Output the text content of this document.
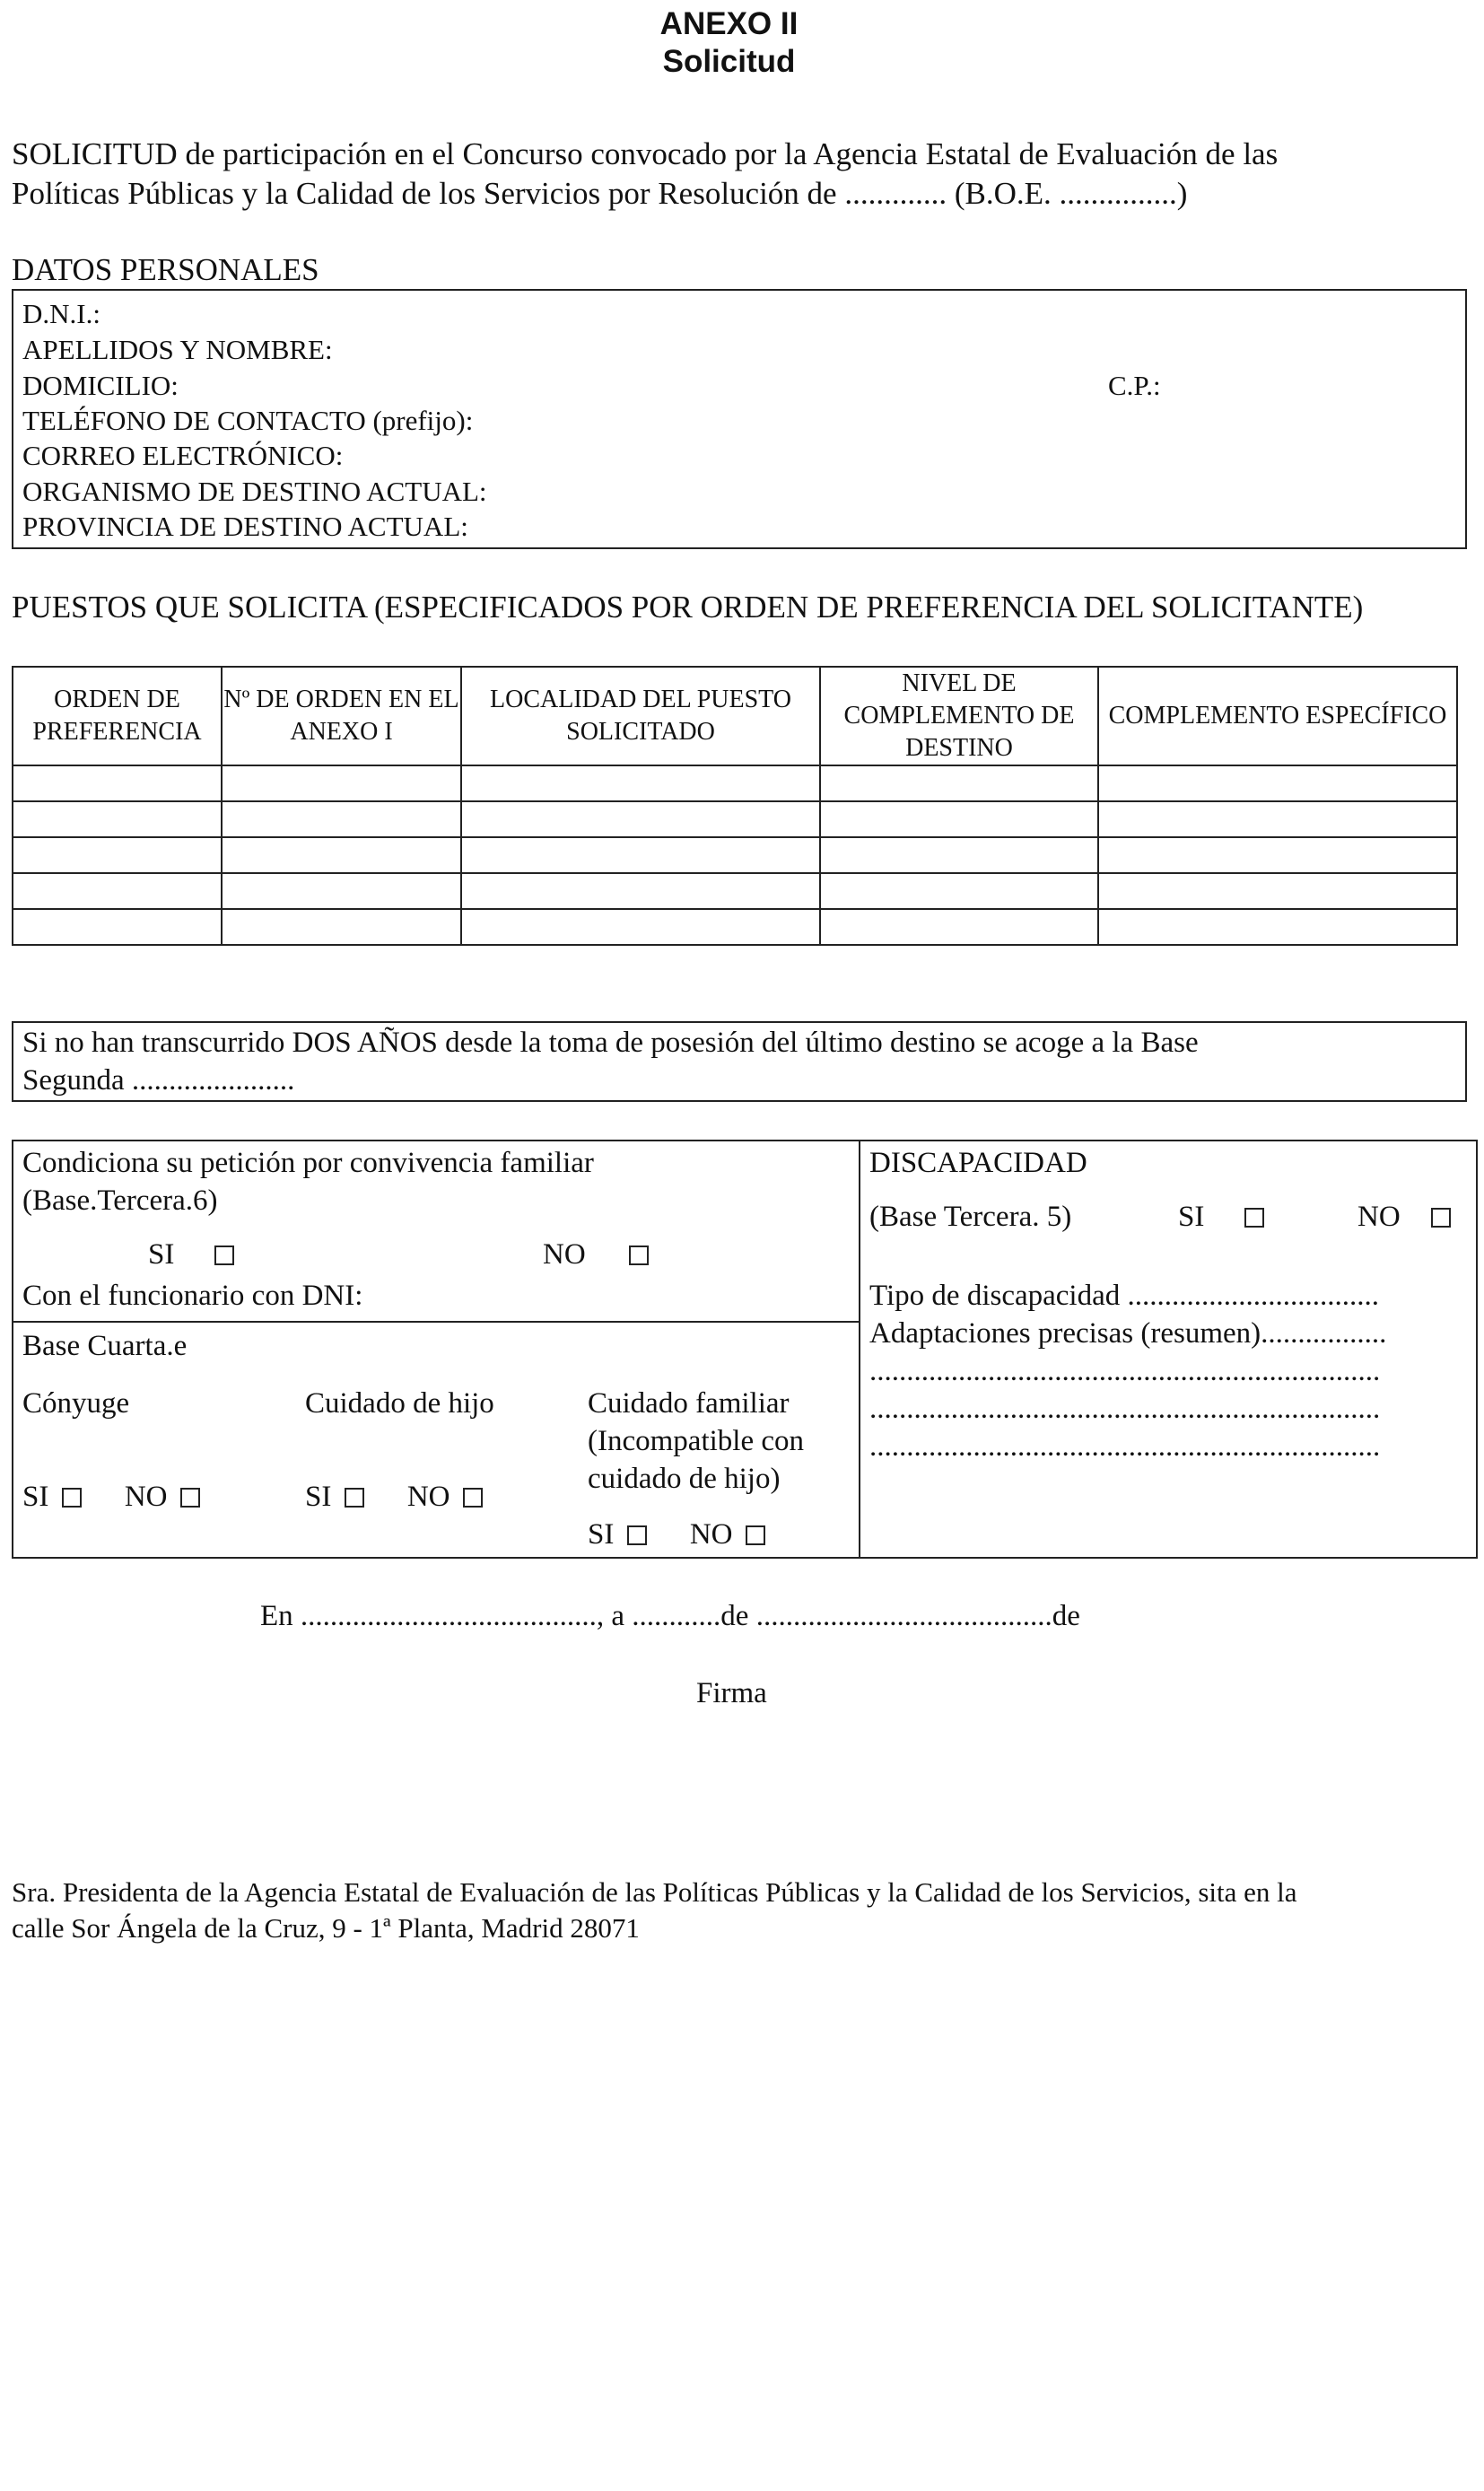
ANEXO II
Solicitud
SOLICITUD de participación en el Concurso convocado por la Agencia Estatal de Evaluación de las
Políticas Públicas y la Calidad de los Servicios por Resolución de ............. (B.O.E. ...............)
DATOS PERSONALES
D.N.I.:
APELLIDOS Y NOMBRE:
DOMICILIO:	C.P.:
TELÉFONO DE CONTACTO (prefijo):
CORREO ELECTRÓNICO:
ORGANISMO DE DESTINO ACTUAL:
PROVINCIA DE DESTINO ACTUAL:
PUESTOS QUE SOLICITA (ESPECIFICADOS POR ORDEN DE PREFERENCIA DEL SOLICITANTE)
ORDEN DE PREFERENCIA	Nº DE ORDEN EN EL ANEXO I	LOCALIDAD DEL PUESTO SOLICITADO	NIVEL DE COMPLEMENTO DE DESTINO	COMPLEMENTO ESPECÍFICO

Si no han transcurrido DOS AÑOS desde la toma de posesión del último destino se acoge a la Base
Segunda ......................
Condiciona su petición por convivencia familiar
(Base.Tercera.6)
SI	NO
Con el funcionario con DNI:
Base Cuarta.e
Cónyuge	Cuidado de hijo	Cuidado familiar
(Incompatible con
cuidado de hijo)
SI	NO	SI	NO
SI	NO
DISCAPACIDAD
(Base Tercera. 5)	SI	NO
Tipo de discapacidad ..................................
Adaptaciones precisas (resumen).................
.....................................................................
.....................................................................
.....................................................................
En ........................................, a ............de ........................................de
Firma
Sra. Presidenta de la Agencia Estatal de Evaluación de las Políticas Públicas y la Calidad de los Servicios, sita en la
calle Sor Ángela de la Cruz, 9 - 1ª Planta, Madrid 28071
